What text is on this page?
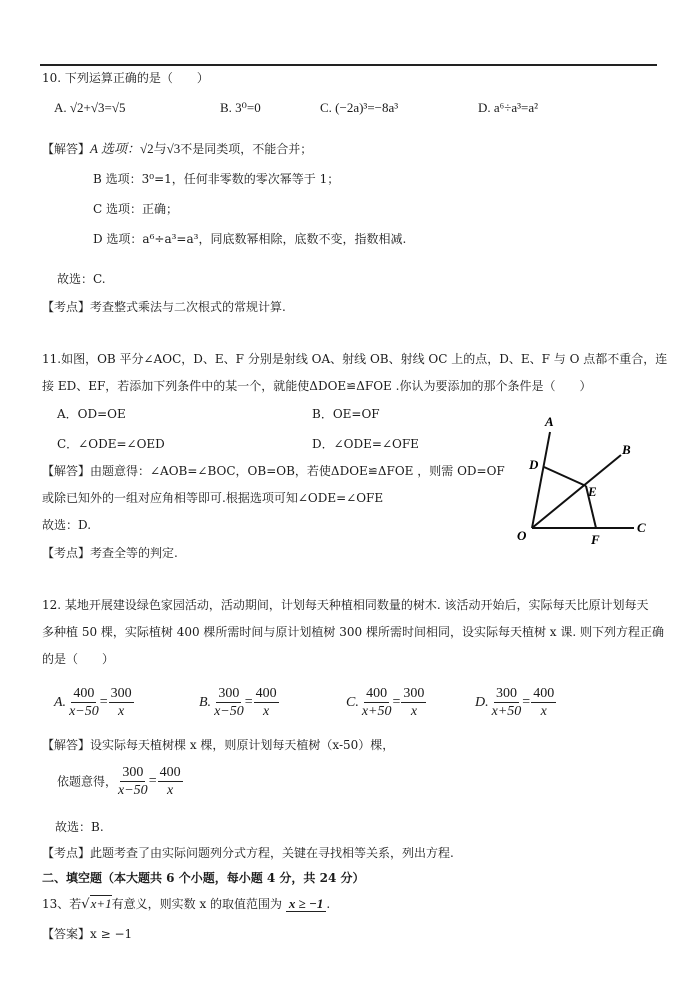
10. 下列运算正确的是（　　）
A. √2+√3=√5	B. 3⁰=0	C. (−2a)³=−8a³	D. a⁶÷a³=a²
【解答】A 选项：√2与√3不是同类项，不能合并；
B 选项：3⁰=1，任何非零数的零次幂等于 1；
C 选项：正确；
D 选项：a⁶÷a³=a³，同底数幂相除，底数不变，指数相减.
故选：C.
【考点】考查整式乘法与二次根式的常规计算.
11.如图，OB 平分∠AOC，D、E、F 分别是射线 OA、射线 OB、射线 OC 上的点，D、E、F 与 O 点都不重合，连
接 ED、EF，若添加下列条件中的某一个，就能使ΔDOE≌ΔFOE .你认为要添加的那个条件是（　　）
A．OD=OE	B．OE=OF
C．∠ODE=∠OED	D．∠ODE=∠OFE
【解答】由题意得：∠AOB=∠BOC，OB=OB，若使ΔDOE≌ΔFOE ，则需 OD=OF
或除已知外的一组对应角相等即可.根据选项可知∠ODE=∠OFE
故选：D.
【考点】考查全等的判定.
A
B
C
D
E
F
O
12. 某地开展建设绿色家园活动，活动期间，计划每天种植相同数量的树木. 该活动开始后，实际每天比原计划每天
多种植 50 棵，实际植树 400 棵所需时间与原计划植树 300 棵所需时间相同，设实际每天植树 x 课. 则下列方程正确
的是（　　）
A. $\frac{400}{x-50} = \frac{300}{x}$	B. $\frac{300}{x-50} = \frac{400}{x}$	C. $\frac{400}{x+50} = \frac{300}{x}$	D. $\frac{300}{x+50} = \frac{400}{x}$
【解答】设实际每天植树棵 x 棵，则原计划每天植树（x-50）棵，
依题意得， $\frac{300}{x-50} = \frac{400}{x}$
故选：B.
【考点】此题考查了由实际问题列分式方程，关键在寻找相等关系，列出方程.
二、填空题（本大题共 6 个小题，每小题 4 分，共 24 分）
13、若√x+1有意义，则实数 x 的取值范围为 x ≥ −1 .
【答案】x ≥ −1
